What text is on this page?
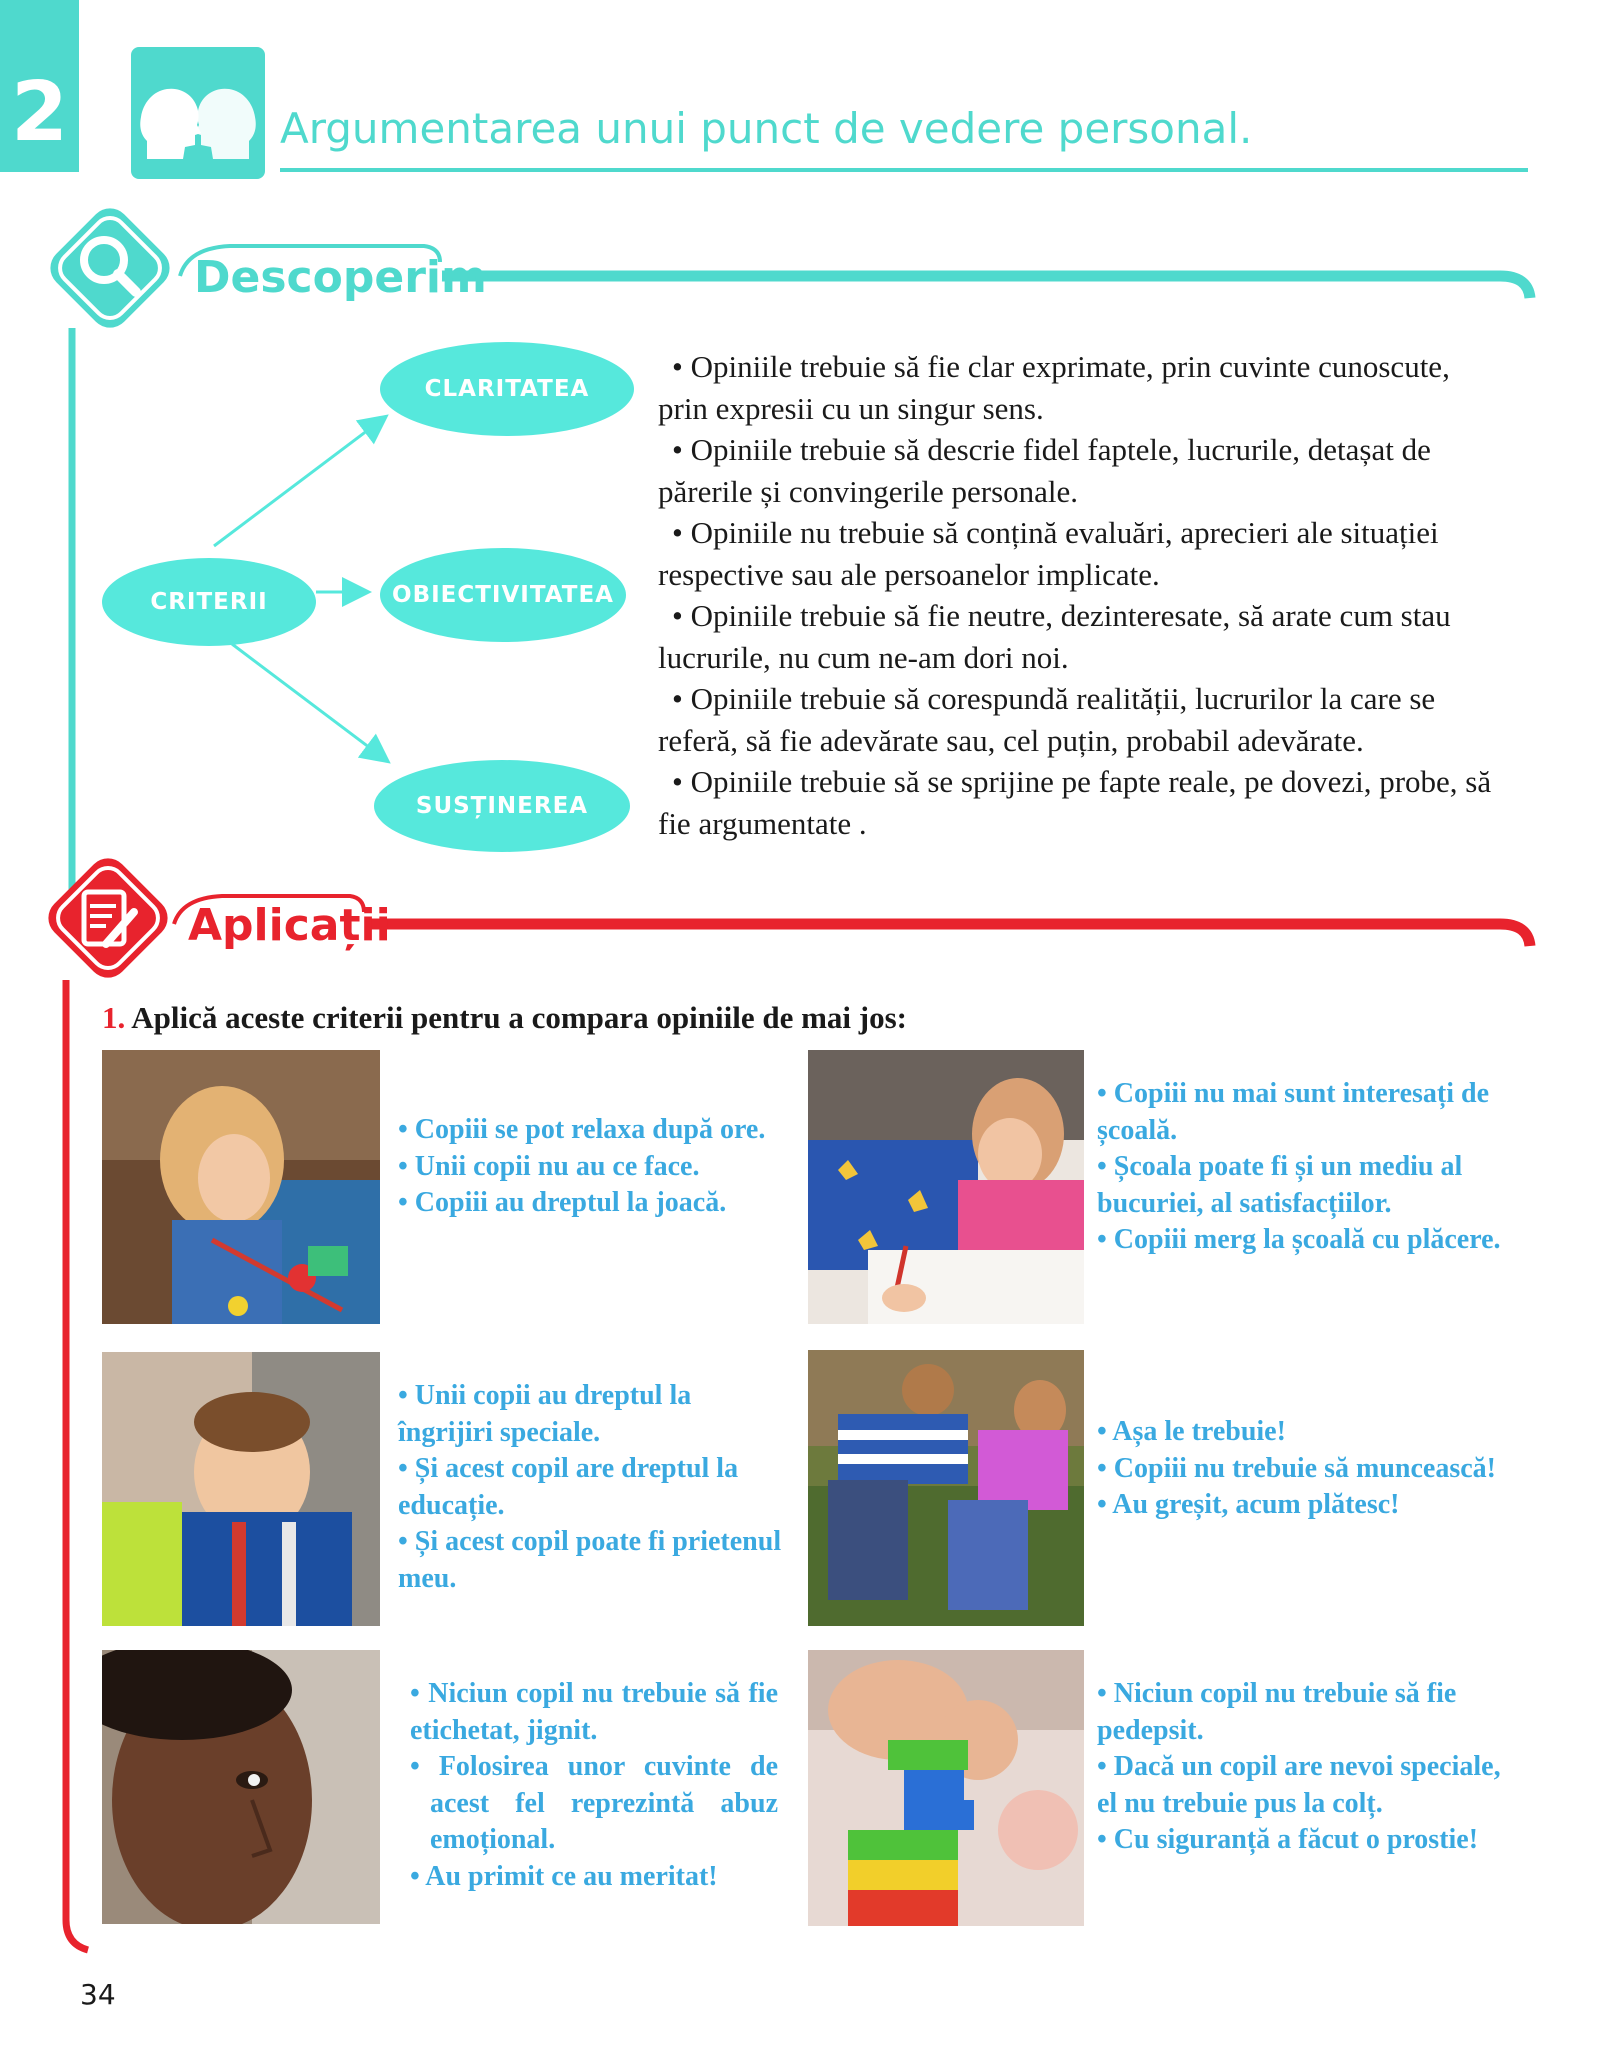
2	Argumentarea unui punct de vedere personal.
Descoperim
CRITERII
CLARITATEA
OBIECTIVITATEA
SUSȚINEREA

• Opiniile trebuie să fie clar exprimate, prin cuvinte cunoscute, prin expresii cu un singur sens.

• Opiniile trebuie să descrie fidel faptele, lucrurile, detașat de părerile și convingerile personale.

• Opiniile nu trebuie să conțină evaluări, aprecieri ale situației respective sau ale persoanelor implicate.

• Opiniile trebuie să fie neutre, dezinteresate, să arate cum stau lucrurile, nu cum ne-am dori noi.

• Opiniile trebuie să corespundă realității, lucrurilor la care se referă, să fie adevărate sau, cel puțin, probabil adevărate.

• Opiniile trebuie să se sprijine pe fapte reale, pe dovezi, probe, să fie argumentate .

Aplicații
1. Aplică aceste criterii pentru a compara opiniile de mai jos:

• Copiii se pot relaxa după ore.

• Unii copii nu au ce face.

• Copiii au dreptul la joacă.

• Copiii nu mai sunt interesați de școală.

• Școala poate fi și un mediu al bucuriei, al satisfacțiilor.

• Copiii merg la școală cu plăcere.

• Unii copii au dreptul la îngrijiri speciale.

• Și acest copil are dreptul la educație.

• Și acest copil poate fi prietenul meu.

• Așa le trebuie!

• Copiii nu trebuie să muncească!

• Au greșit, acum plătesc!

• Niciun copil nu trebuie să fie etichetat, jignit.

• Folosirea unor cuvinte de acest fel reprezintă abuz emoțional.

• Au primit ce au meritat!

• Niciun copil nu trebuie să fie pedepsit.

• Dacă un copil are nevoi speciale, el nu trebuie pus la colț.

• Cu siguranță a făcut o prostie!

34
